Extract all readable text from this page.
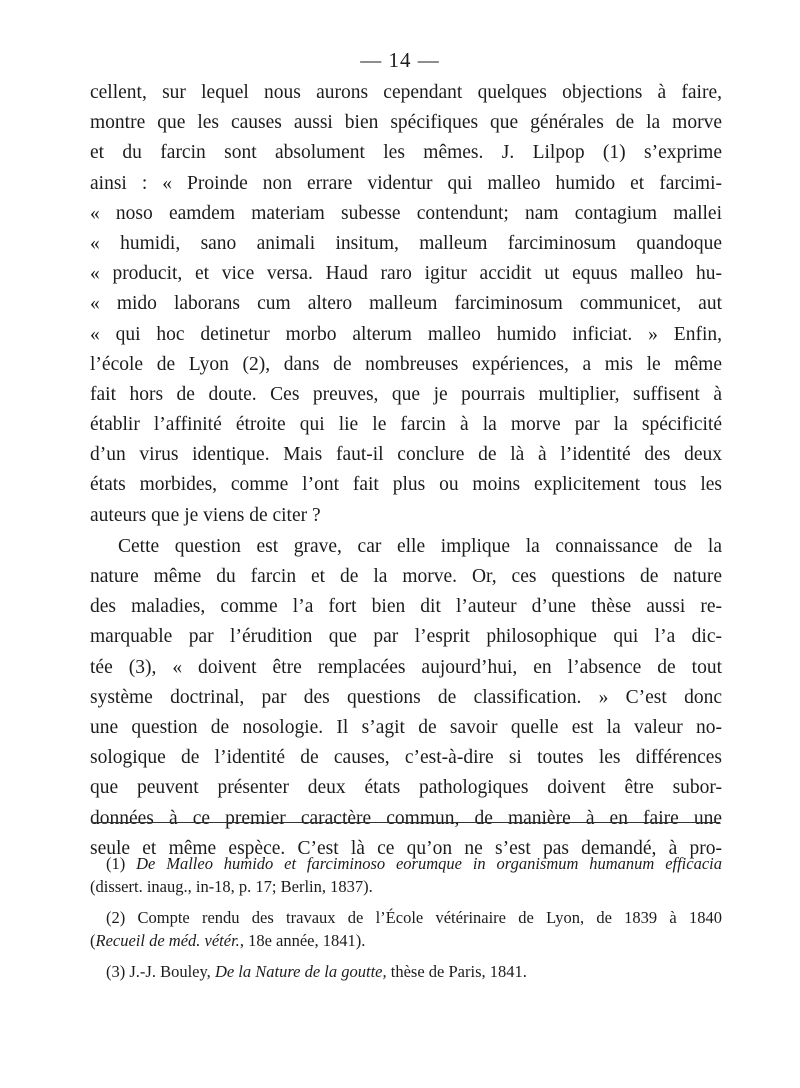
— 14 —
cellent, sur lequel nous aurons cependant quelques objections à faire,
montre que les causes aussi bien spécifiques que générales de la morve
et du farcin sont absolument les mêmes. J. Lilpop (1) s’exprime
ainsi : « Proinde non errare videntur qui malleo humido et farcimi-
« noso eamdem materiam subesse contendunt; nam contagium mallei
« humidi, sano animali insitum, malleum farciminosum quandoque
« producit, et vice versa. Haud raro igitur accidit ut equus malleo hu-
« mido laborans cum altero malleum farciminosum communicet, aut
« qui hoc detinetur morbo alterum malleo humido inficiat. » Enfin,
l’école de Lyon (2), dans de nombreuses expériences, a mis le même
fait hors de doute. Ces preuves, que je pourrais multiplier, suffisent à
établir l’affinité étroite qui lie le farcin à la morve par la spécificité
d’un virus identique. Mais faut-il conclure de là à l’identité des deux
états morbides, comme l’ont fait plus ou moins explicitement tous les
auteurs que je viens de citer ?
Cette question est grave, car elle implique la connaissance de la
nature même du farcin et de la morve. Or, ces questions de nature
des maladies, comme l’a fort bien dit l’auteur d’une thèse aussi re-
marquable par l’érudition que par l’esprit philosophique qui l’a dic-
tée (3), « doivent être remplacées aujourd’hui, en l’absence de tout
système doctrinal, par des questions de classification. » C’est donc
une question de nosologie. Il s’agit de savoir quelle est la valeur no-
sologique de l’identité de causes, c’est-à-dire si toutes les différences
que peuvent présenter deux états pathologiques doivent être subor-
données à ce premier caractère commun, de manière à en faire une
seule et même espèce. C’est là ce qu’on ne s’est pas demandé, à pro-
(1) De Malleo humido et farciminoso eorumque in organismum humanum efficacia
(dissert. inaug., in-18, p. 17; Berlin, 1837).
(2) Compte rendu des travaux de l’École vétérinaire de Lyon, de 1839 à 1840
(Recueil de méd. vétér., 18e année, 1841).
(3) J.-J. Bouley, De la Nature de la goutte, thèse de Paris, 1841.
